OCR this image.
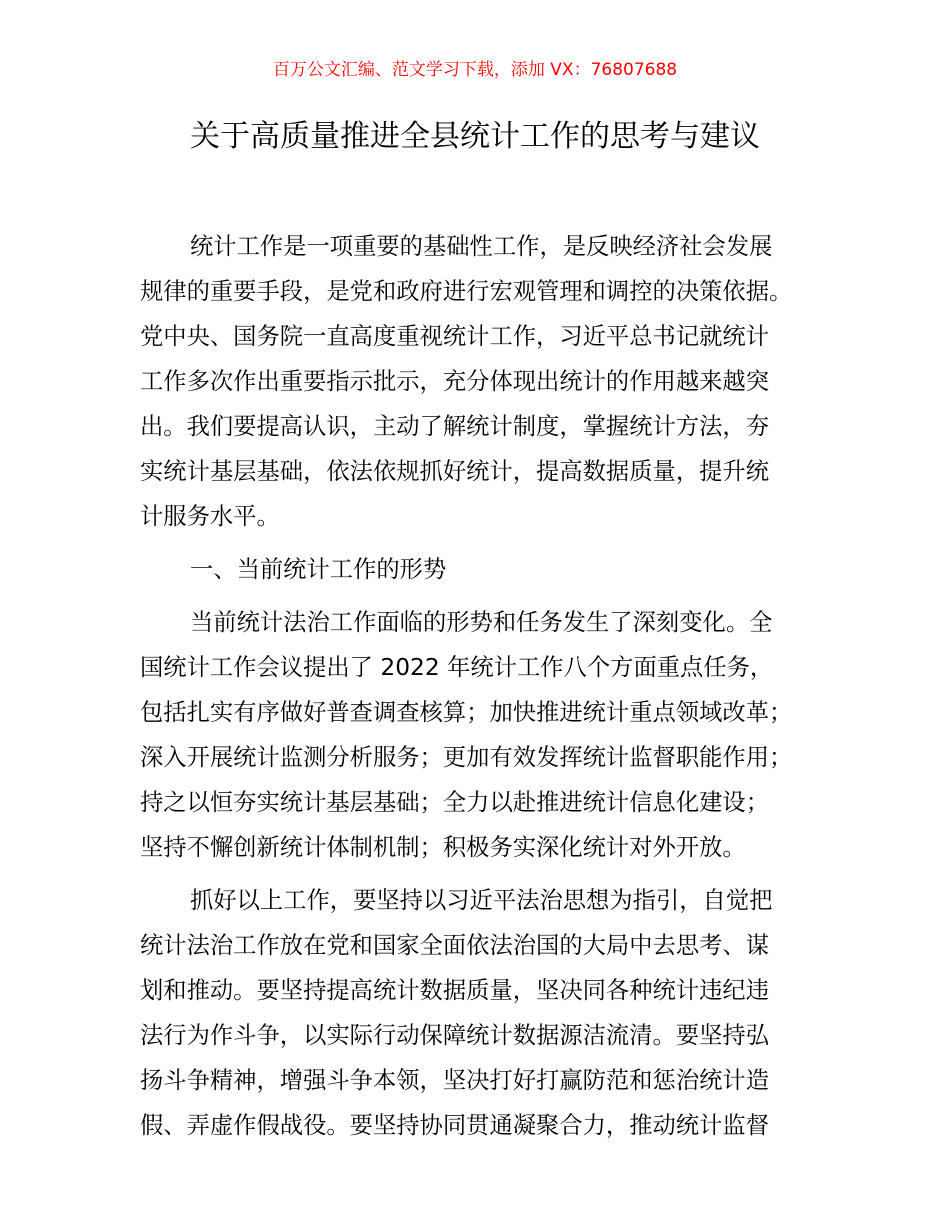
百万公文汇编、范文学习下载，添加 VX：76807688
关于高质量推进全县统计工作的思考与建议
统计工作是一项重要的基础性工作，是反映经济社会发展
规律的重要手段，是党和政府进行宏观管理和调控的决策依据。
党中央、国务院一直高度重视统计工作，习近平总书记就统计
工作多次作出重要指示批示，充分体现出统计的作用越来越突
出。我们要提高认识，主动了解统计制度，掌握统计方法，夯
实统计基层基础，依法依规抓好统计，提高数据质量，提升统
计服务水平。
一、当前统计工作的形势
当前统计法治工作面临的形势和任务发生了深刻变化。全
国统计工作会议提出了 2022 年统计工作八个方面重点任务，
包括扎实有序做好普查调查核算；加快推进统计重点领域改革；
深入开展统计监测分析服务；更加有效发挥统计监督职能作用；
持之以恒夯实统计基层基础；全力以赴推进统计信息化建设；
坚持不懈创新统计体制机制；积极务实深化统计对外开放。
抓好以上工作，要坚持以习近平法治思想为指引，自觉把
统计法治工作放在党和国家全面依法治国的大局中去思考、谋
划和推动。要坚持提高统计数据质量，坚决同各种统计违纪违
法行为作斗争，以实际行动保障统计数据源洁流清。要坚持弘
扬斗争精神，增强斗争本领，坚决打好打赢防范和惩治统计造
假、弄虚作假战役。要坚持协同贯通凝聚合力，推动统计监督
